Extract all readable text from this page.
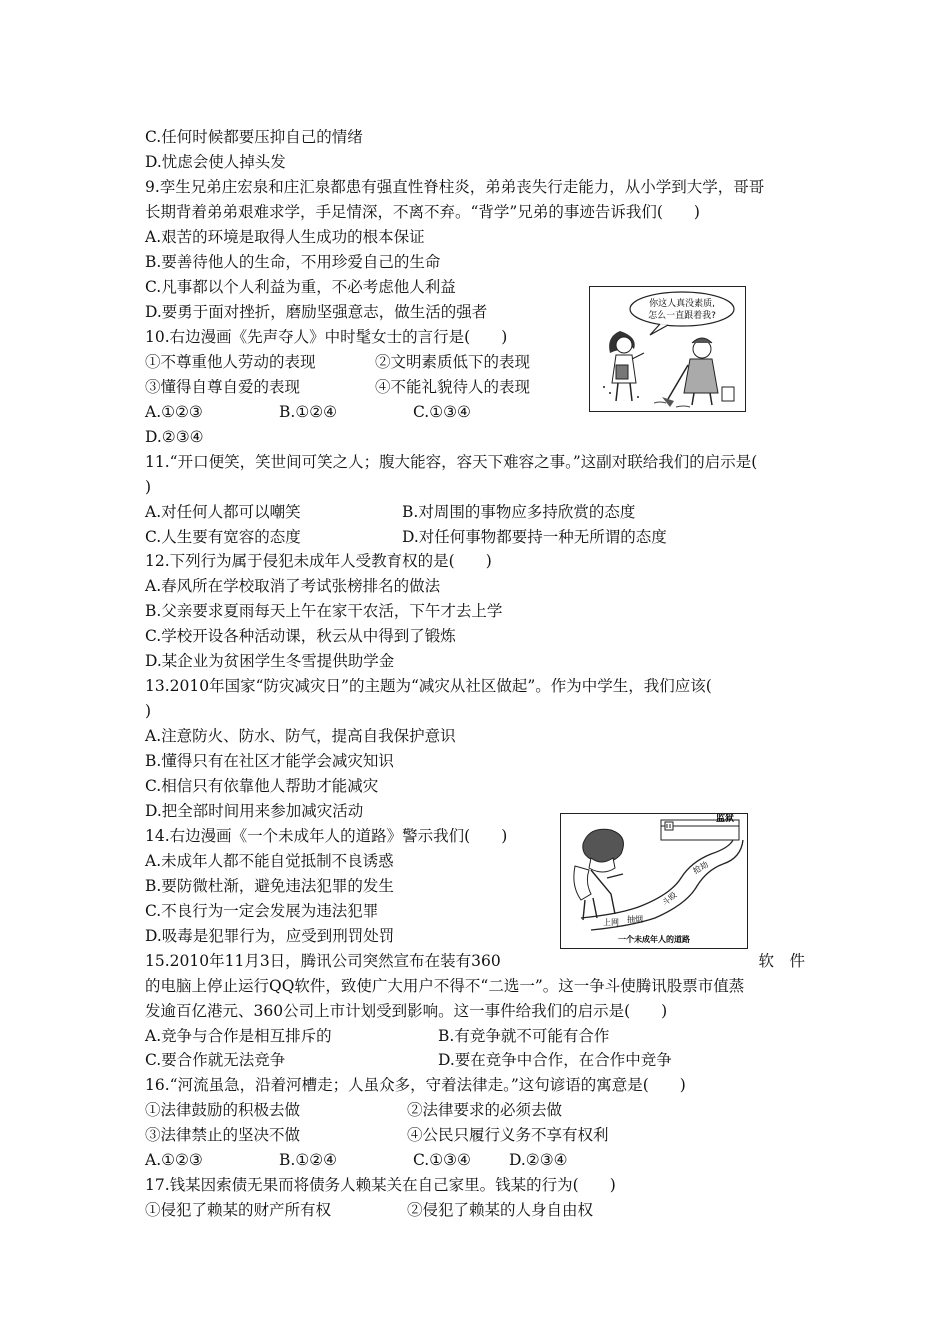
C.任何时候都要压抑自己的情绪
D.忧虑会使人掉头发
9.孪生兄弟庄宏泉和庄汇泉都患有强直性脊柱炎，弟弟丧失行走能力，从小学到大学，哥哥
长期背着弟弟艰难求学，手足情深，不离不弃。“背学”兄弟的事迹告诉我们(　　)
A.艰苦的环境是取得人生成功的根本保证
B.要善待他人的生命，不用珍爱自己的生命
C.凡事都以个人利益为重，不必考虑他人利益
D.要勇于面对挫折，磨励坚强意志，做生活的强者
10.右边漫画《先声夺人》中时髦女士的言行是(　　)
①不尊重他人劳动的表现	②文明素质低下的表现
③懂得自尊自爱的表现	④不能礼貌待人的表现
A.①②③	B.①②④	C.①③④
D.②③④
你这人真没素质,
怎么一直跟着我?
11.“开口便笑，笑世间可笑之人；腹大能容，容天下难容之事。”这副对联给我们的启示是(
)
A.对任何人都可以嘲笑	B.对周围的事物应多持欣赏的态度
C.人生要有宽容的态度	D.对任何事物都要持一种无所谓的态度
12.下列行为属于侵犯未成年人受教育权的是(　　)
A.春风所在学校取消了考试张榜排名的做法
B.父亲要求夏雨每天上午在家干农活，下午才去上学
C.学校开设各种活动课，秋云从中得到了锻炼
D.某企业为贫困学生冬雪提供助学金
13.2010年国家“防灾减灾日”的主题为“减灾从社区做起”。作为中学生，我们应该(
)
A.注意防火、防水、防气，提高自我保护意识
B.懂得只有在社区才能学会减灾知识
C.相信只有依靠他人帮助才能减灾
D.把全部时间用来参加减灾活动
14.右边漫画《一个未成年人的道路》警示我们(　　)
A.未成年人都不能自觉抵制不良诱惑
B.要防微杜渐，避免违法犯罪的发生
C.不良行为一定会发展为违法犯罪
D.吸毒是犯罪行为，应受到刑罚处罚
监狱
上网 抽烟
斗殴
抢劫
一个未成年人的道路
15.2010年11月3日，腾讯公司突然宣布在装有360	软　件
的电脑上停止运行QQ软件，致使广大用户不得不“二选一”。这一争斗使腾讯股票市值蒸
发逾百亿港元、360公司上市计划受到影响。这一事件给我们的启示是(　　)
A.竞争与合作是相互排斥的	B.有竞争就不可能有合作
C.要合作就无法竞争	D.要在竞争中合作，在合作中竞争
16.“河流虽急，沿着河槽走；人虽众多，守着法律走。”这句谚语的寓意是(　　)
①法律鼓励的积极去做	②法律要求的必须去做
③法律禁止的坚决不做	④公民只履行义务不享有权利
A.①②③	B.①②④	C.①③④	D.②③④
17.钱某因索债无果而将债务人赖某关在自己家里。钱某的行为(　　)
①侵犯了赖某的财产所有权	②侵犯了赖某的人身自由权
